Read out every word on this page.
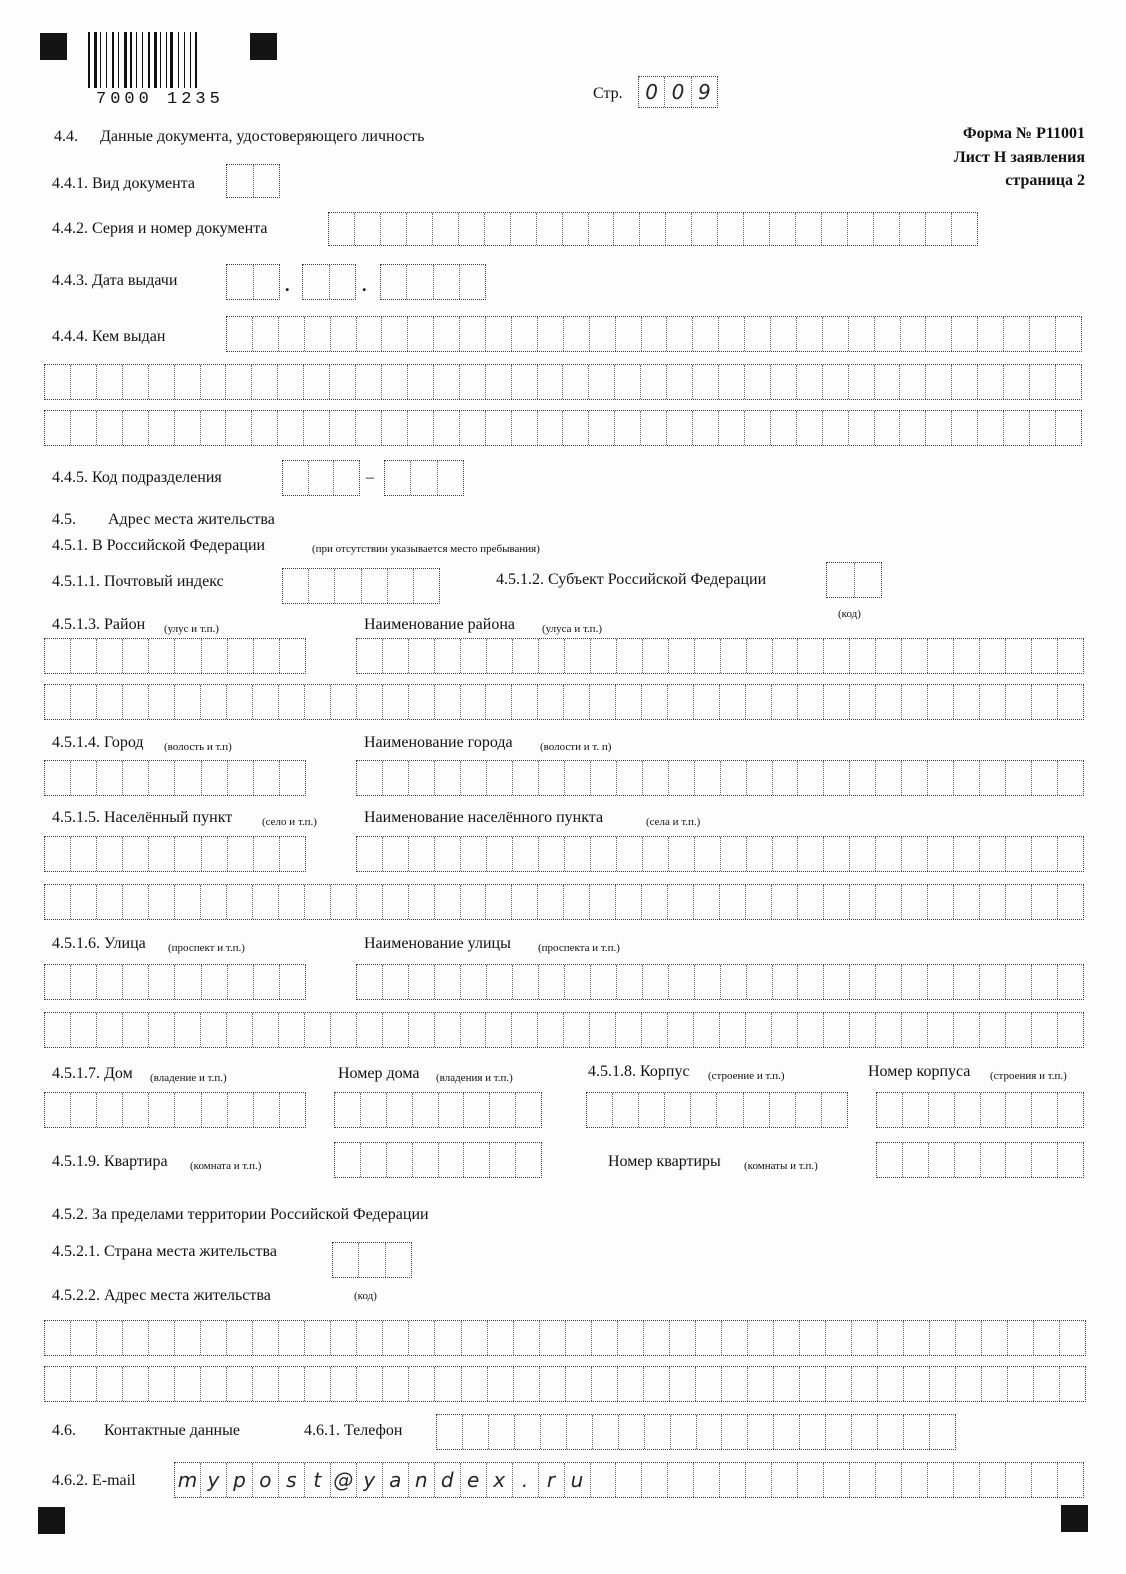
7000 1235	Стр.	0 0 9
Форма № Р11001
Лист Н заявления
страница 2
4.4. Данные документа, удостоверяющего личность
4.4.1. Вид документа
4.4.2. Серия и номер документа
4.4.3. Дата выдачи	.	.
4.4.4. Кем выдан
4.4.5. Код подразделения	–
4.5. Адрес места жительства
4.5.1. В Российской Федерации	(при отсутствии указывается место пребывания)
4.5.1.1. Почтовый индекс	4.5.1.2. Субъект Российской Федерации
(код)
4.5.1.3. Район (улус и т.п.)	Наименование района (улуса и т.п.)
4.5.1.4. Город (волость и т.п)	Наименование города (волости и т. п)
4.5.1.5. Населённый пункт	(село и т.п.)	Наименование населённого пункта	(села и т.п.)
4.5.1.6. Улица (проспект и т.п.)	Наименование улицы (проспекта и т.п.)
4.5.1.7. Дом (владение и т.п.)	Номер дома (владения и т.п.)	4.5.1.8. Корпус (строение и т.п.)	Номер корпуса (строения и т.п.)
4.5.1.9. Квартира (комната и т.п.)	Номер квартиры (комнаты и т.п.)
4.5.2. За пределами территории Российской Федерации
4.5.2.1. Страна места жительства
4.5.2.2. Адрес места жительства	(код)
4.6. Контактные данные	4.6.1. Телефон
4.6.2. E-mail m y p o s t @ y a n d e x . r u
